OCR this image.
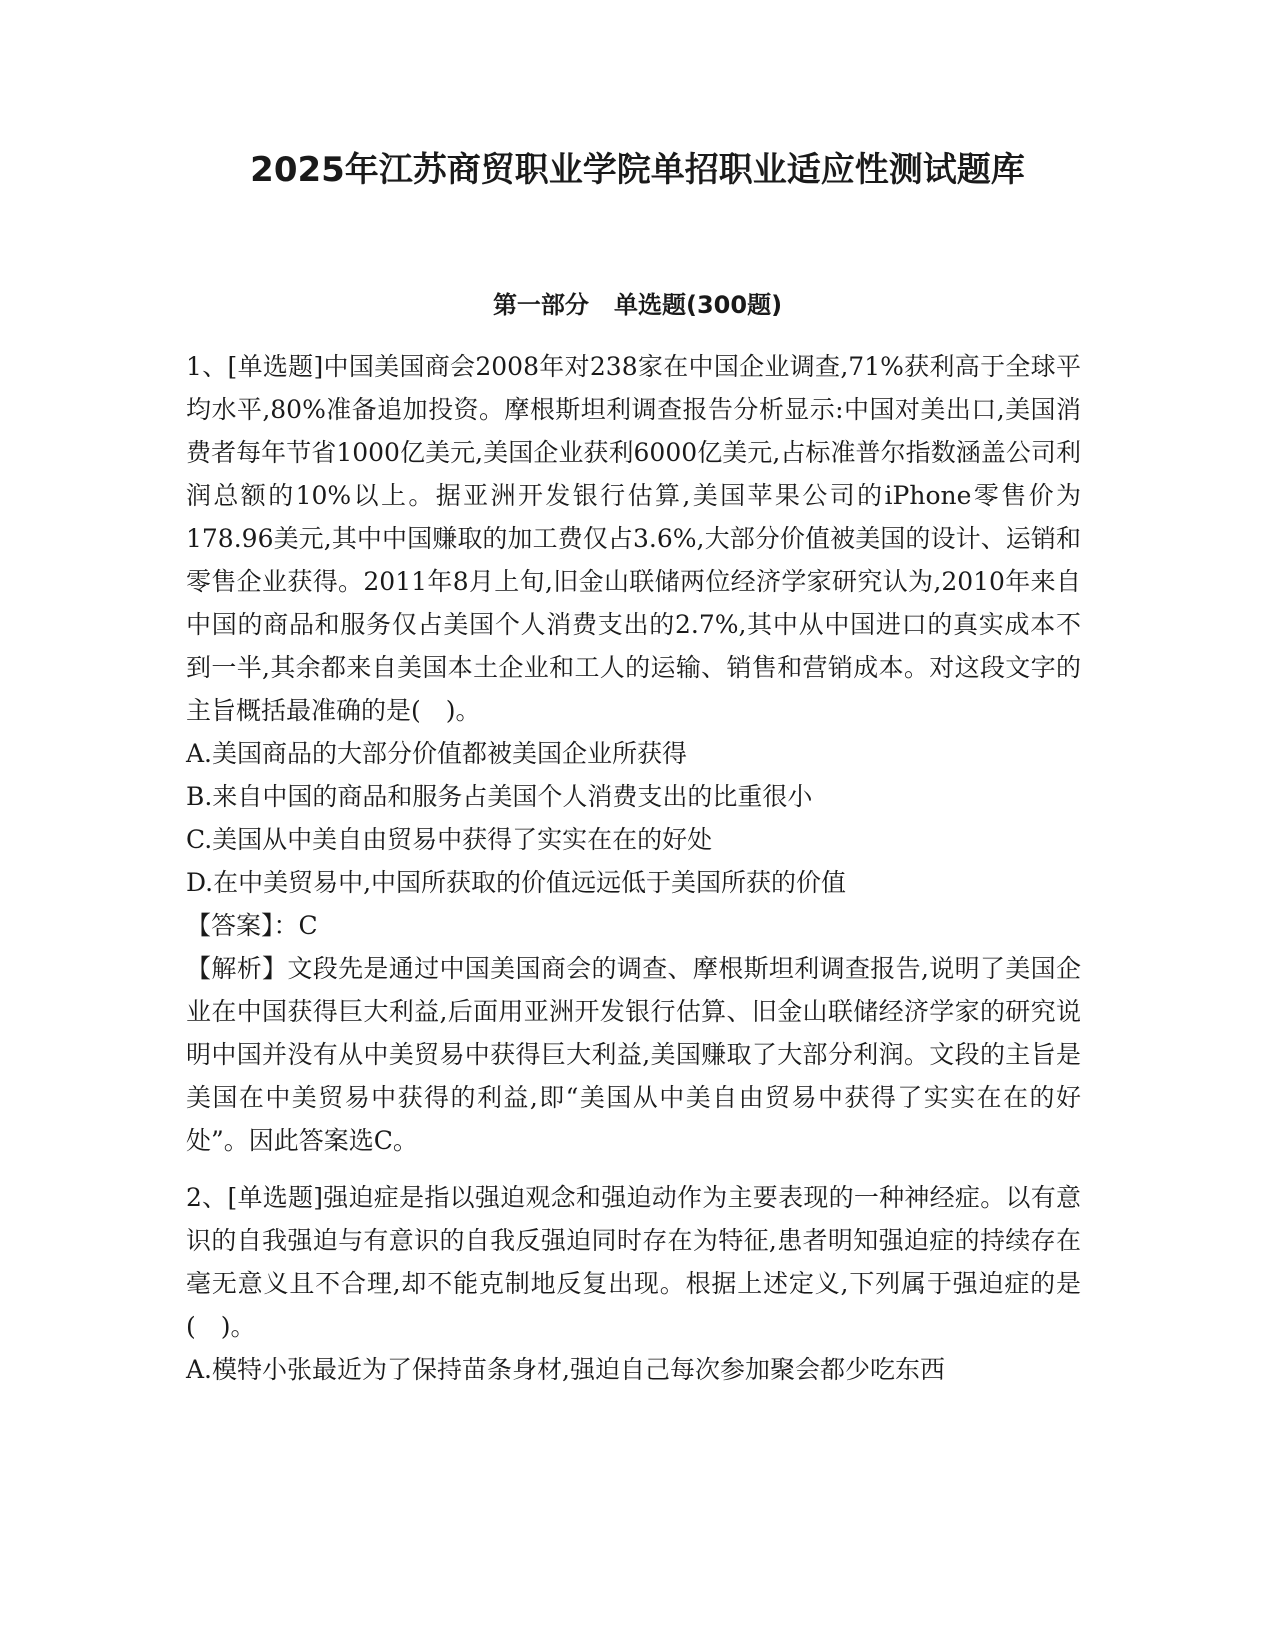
2025年江苏商贸职业学院单招职业适应性测试题库
第一部分   单选题(300题)

1、[单选题]中国美国商会2008年对238家在中国企业调查,71%获利高于全球平均水平,80%准备追加投资。摩根斯坦利调查报告分析显示:中国对美出口,美国消费者每年节省1000亿美元,美国企业获利6000亿美元,占标准普尔指数涵盖公司利润总额的10%以上。据亚洲开发银行估算,美国苹果公司的iPhone零售价为178.96美元,其中中国赚取的加工费仅占3.6%,大部分价值被美国的设计、运销和零售企业获得。2011年8月上旬,旧金山联储两位经济学家研究认为,2010年来自中国的商品和服务仅占美国个人消费支出的2.7%,其中从中国进口的真实成本不到一半,其余都来自美国本土企业和工人的运输、销售和营销成本。对这段文字的主旨概括最准确的是(　)。

A.美国商品的大部分价值都被美国企业所获得

B.来自中国的商品和服务占美国个人消费支出的比重很小

C.美国从中美自由贸易中获得了实实在在的好处

D.在中美贸易中,中国所获取的价值远远低于美国所获的价值

【答案】：C

【解析】文段先是通过中国美国商会的调查、摩根斯坦利调查报告,说明了美国企业在中国获得巨大利益,后面用亚洲开发银行估算、旧金山联储经济学家的研究说明中国并没有从中美贸易中获得巨大利益,美国赚取了大部分利润。文段的主旨是美国在中美贸易中获得的利益,即“美国从中美自由贸易中获得了实实在在的好处”。因此答案选C。

2、[单选题]强迫症是指以强迫观念和强迫动作为主要表现的一种神经症。以有意识的自我强迫与有意识的自我反强迫同时存在为特征,患者明知强迫症的持续存在毫无意义且不合理,却不能克制地反复出现。根据上述定义,下列属于强迫症的是(　)。

A.模特小张最近为了保持苗条身材,强迫自己每次参加聚会都少吃东西
